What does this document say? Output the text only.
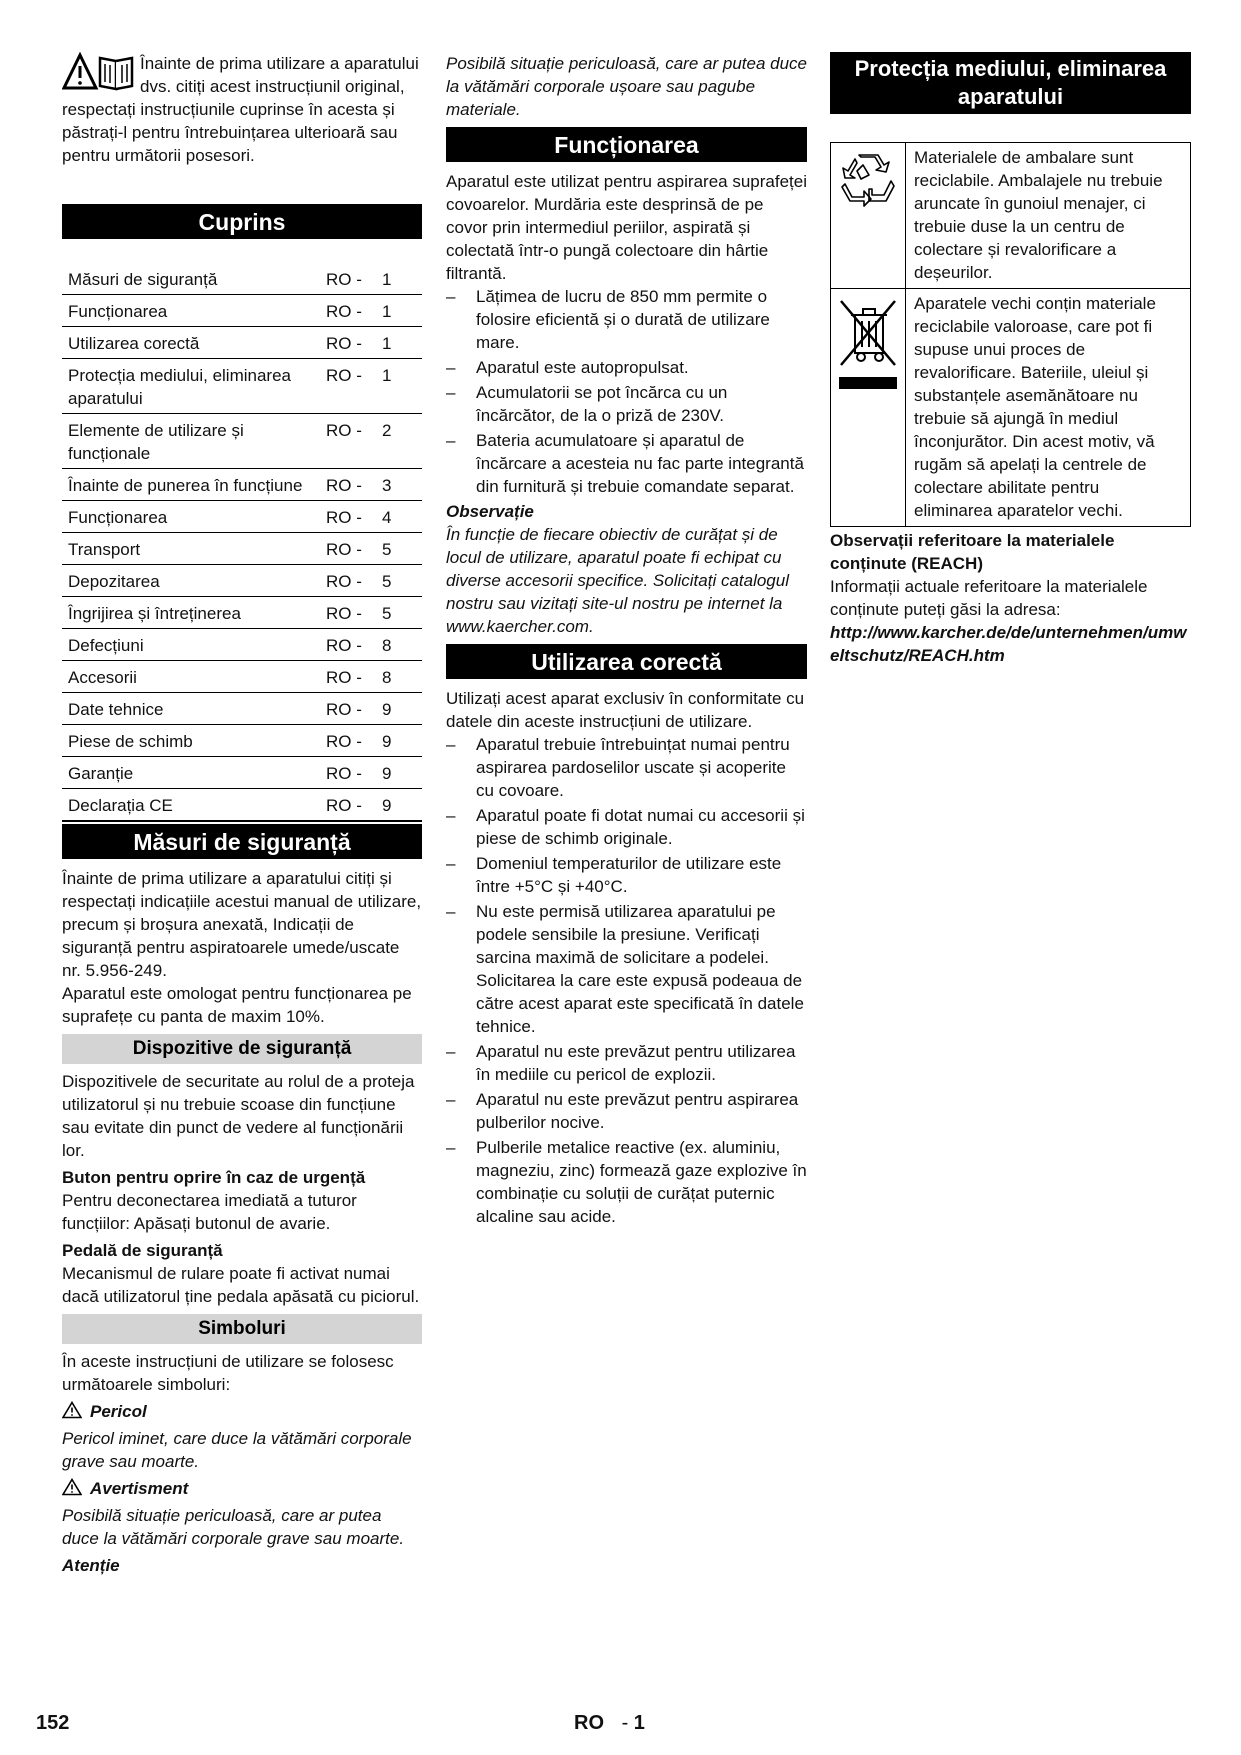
Înainte de prima utilizare a aparatului dvs. citiți acest instrucțiunil original, respectați instrucțiunile cuprinse în acesta și păstrați-l pentru întrebuințarea ulterioară sau pentru următorii posesori.

Cuprins
Măsuri de siguranță	RO -	1
Funcționarea	RO -	1
Utilizarea corectă	RO -	1
Protecția mediului, eliminarea aparatului	RO -	1
Elemente de utilizare și funcționale	RO -	2
Înainte de punerea în funcțiune	RO -	3
Funcționarea	RO -	4
Transport	RO -	5
Depozitarea	RO -	5
Îngrijirea și întreținerea	RO -	5
Defecțiuni	RO -	8
Accesorii	RO -	8
Date tehnice	RO -	9
Piese de schimb	RO -	9
Garanție	RO -	9
Declarația CE	RO -	9
Măsuri de siguranță

Înainte de prima utilizare a aparatului citiți și respectați indicațiile acestui manual de utilizare, precum și broșura anexată, Indicații de siguranță pentru aspiratoarele umede/uscate nr. 5.956-249.

Aparatul este omologat pentru funcționarea pe suprafețe cu panta de maxim 10%.

Dispozitive de siguranță

Dispozitivele de securitate au rolul de a proteja utilizatorul și nu trebuie scoase din funcțiune sau evitate din punct de vedere al funcționării lor.

Buton pentru oprire în caz de urgență

Pentru deconectarea imediată a tuturor funcțiilor: Apăsați butonul de avarie.

Pedală de siguranță

Mecanismul de rulare poate fi activat numai dacă utilizatorul ține pedala apăsată cu piciorul.

Simboluri

În aceste instrucțiuni de utilizare se folosesc următoarele simboluri:

Pericol

Pericol iminet, care duce la vătămări corporale grave sau moarte.

Avertisment

Posibilă situație periculoasă, care ar putea duce la vătămări corporale grave sau moarte.

Atenție

Posibilă situație periculoasă, care ar putea duce la vătămări corporale ușoare sau pagube materiale.

Funcționarea

Aparatul este utilizat pentru aspirarea suprafeței covoarelor. Murdăria este desprinsă de pe covor prin intermediul periilor, aspirată și colectată într-o pungă colectoare din hârtie filtrantă.

– Lățimea de lucru de 850 mm permite o folosire eficientă și o durată de utilizare mare.
– Aparatul este autopropulsat.
– Acumulatorii se pot încărca cu un încărcător, de la o priză de 230V.
– Bateria acumulatoare și aparatul de încărcare a acesteia nu fac parte integrantă din furnitură și trebuie comandate separat.

Observație

În funcție de fiecare obiectiv de curățat și de locul de utilizare, aparatul poate fi echipat cu diverse accesorii specifice. Solicitați catalogul nostru sau vizitați site-ul nostru pe internet la www.kaercher.com.

Utilizarea corectă

Utilizați acest aparat exclusiv în conformitate cu datele din aceste instrucțiuni de utilizare.

– Aparatul trebuie întrebuințat numai pentru aspirarea pardoselilor uscate și acoperite cu covoare.
– Aparatul poate fi dotat numai cu accesorii și piese de schimb originale.
– Domeniul temperaturilor de utilizare este între +5°C și +40°C.
– Nu este permisă utilizarea aparatului pe podele sensibile la presiune. Verificați sarcina maximă de solicitare a podelei. Solicitarea la care este expusă podeaua de către acest aparat este specificată în datele tehnice.
– Aparatul nu este prevăzut pentru utilizarea în mediile cu pericol de explozii.
– Aparatul nu este prevăzut pentru aspirarea pulberilor nocive.
– Pulberile metalice reactive (ex. aluminiu, magneziu, zinc) formează gaze explozive în combinație cu soluții de curățat puternic alcaline sau acide.
Protecția mediului, eliminarea aparatului
	Materialele de ambalare sunt reciclabile. Ambalajele nu trebuie aruncate în gunoiul menajer, ci trebuie duse la un centru de colectare și revalorificare a deșeurilor.
	Aparatele vechi conțin materiale reciclabile valoroase, care pot fi supuse unui proces de revalorificare. Bateriile, uleiul și substanțele asemănătoare nu trebuie să ajungă în mediul înconjurător. Din acest motiv, vă rugăm să apelați la centrele de colectare abilitate pentru eliminarea aparatelor vechi.

Observații referitoare la materialele conținute (REACH)

Informații actuale referitoare la materialele conținute puteți găsi la adresa:

http://www.karcher.de/de/unternehmen/umweltschutz/REACH.htm

152	RO - 1
